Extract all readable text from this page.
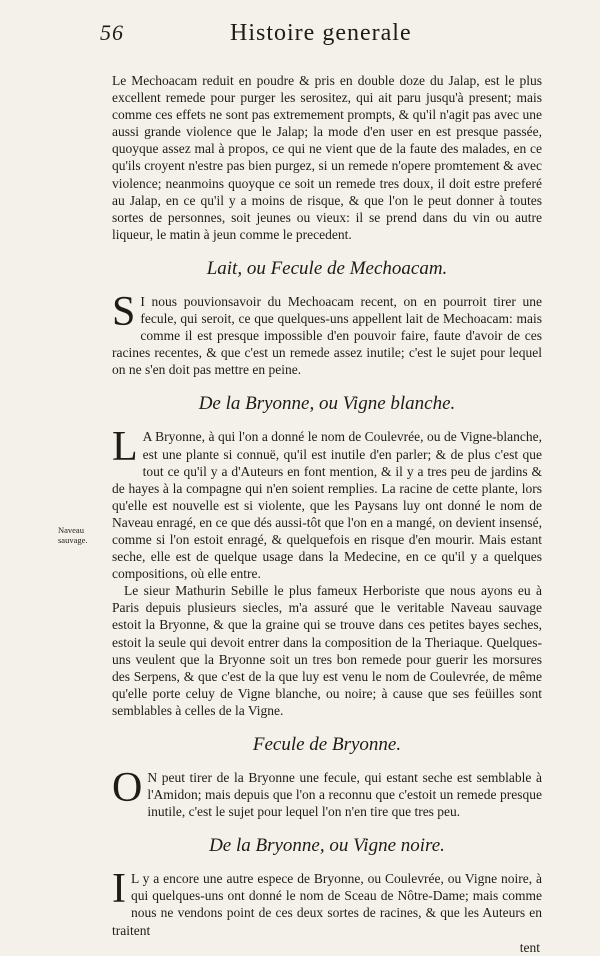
56	Histoire generale
Naveau sauvage.

Le Mechoacam reduit en poudre & pris en double doze du Jalap, est le plus excellent remede pour purger les serositez, qui ait paru jusqu'à present; mais comme ces effets ne sont pas extremement prompts, & qu'il n'agit pas avec une aussi grande violence que le Jalap; la mode d'en user en est presque passée, quoyque assez mal à propos, ce qui ne vient que de la faute des malades, en ce qu'ils croyent n'estre pas bien purgez, si un remede n'opere promtement & avec violence; neanmoins quoyque ce soit un remede tres doux, il doit estre preferé au Jalap, en ce qu'il y a moins de risque, & que l'on le peut donner à toutes sortes de personnes, soit jeunes ou vieux: il se prend dans du vin ou autre liqueur, le matin à jeun comme le precedent.

Lait, ou Fecule de Mechoacam.

S I nous pouvionsavoir du Mechoacam recent, on en pourroit tirer une fecule, qui seroit, ce que quelques-uns appellent lait de Mechoacam: mais comme il est presque impossible d'en pouvoir faire, faute d'avoir de ces racines recentes, & que c'est un remede assez inutile; c'est le sujet pour lequel on ne s'en doit pas mettre en peine.

De la Bryonne, ou Vigne blanche.

L A Bryonne, à qui l'on a donné le nom de Coulevrée, ou de Vigne-blanche, est une plante si connuë, qu'il est inutile d'en parler; & de plus c'est que tout ce qu'il y a d'Auteurs en font mention, & il y a tres peu de jardins & de hayes à la compagne qui n'en soient remplies. La racine de cette plante, lors qu'elle est nouvelle est si violente, que les Paysans luy ont donné le nom de Naveau enragé, en ce que dés aussi-tôt que l'on en a mangé, on devient insensé, comme si l'on estoit enragé, & quelquefois en risque d'en mourir. Mais estant seche, elle est de quelque usage dans la Medecine, en ce qu'il y a quelques compositions, où elle entre.

Le sieur Mathurin Sebille le plus fameux Herboriste que nous ayons eu à Paris depuis plusieurs siecles, m'a assuré que le veritable Naveau sauvage estoit la Bryonne, & que la graine qui se trouve dans ces petites bayes seches, estoit la seule qui devoit entrer dans la composition de la Theriaque. Quelques-uns veulent que la Bryonne soit un tres bon remede pour guerir les morsures des Serpens, & que c'est de la que luy est venu le nom de Coulevrée, de même qu'elle porte celuy de Vigne blanche, ou noire; à cause que ses feüilles sont semblables à celles de la Vigne.

Fecule de Bryonne.

O N peut tirer de la Bryonne une fecule, qui estant seche est semblable à l'Amidon; mais depuis que l'on a reconnu que c'estoit un remede presque inutile, c'est le sujet pour lequel l'on n'en tire que tres peu.

De la Bryonne, ou Vigne noire.

I L y a encore une autre espece de Bryonne, ou Coulevrée, ou Vigne noire, à qui quelques-uns ont donné le nom de Sceau de Nôtre-Dame; mais comme nous ne vendons point de ces deux sortes de racines, & que les Auteurs en traitent

tent
